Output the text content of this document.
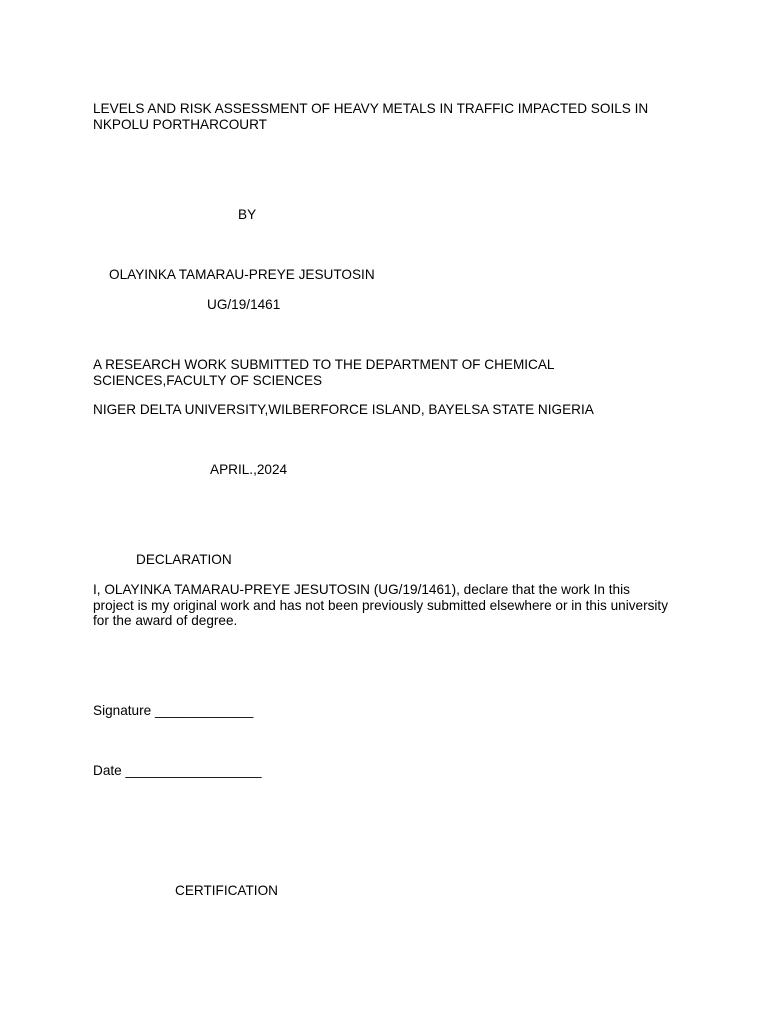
LEVELS AND RISK ASSESSMENT OF HEAVY METALS IN TRAFFIC IMPACTED SOILS IN NKPOLU PORTHARCOURT

BY

OLAYINKA TAMARAU-PREYE JESUTOSIN

UG/19/1461

A RESEARCH WORK SUBMITTED TO THE DEPARTMENT OF CHEMICAL SCIENCES,FACULTY OF SCIENCES

NIGER DELTA UNIVERSITY,WILBERFORCE ISLAND, BAYELSA STATE NIGERIA

APRIL.,2024

DECLARATION

I, OLAYINKA TAMARAU-PREYE JESUTOSIN (UG/19/1461), declare that the work In this project is my original work and has not been previously submitted elsewhere or in this university for the award of degree.

Signature _____________

Date __________________

CERTIFICATION
